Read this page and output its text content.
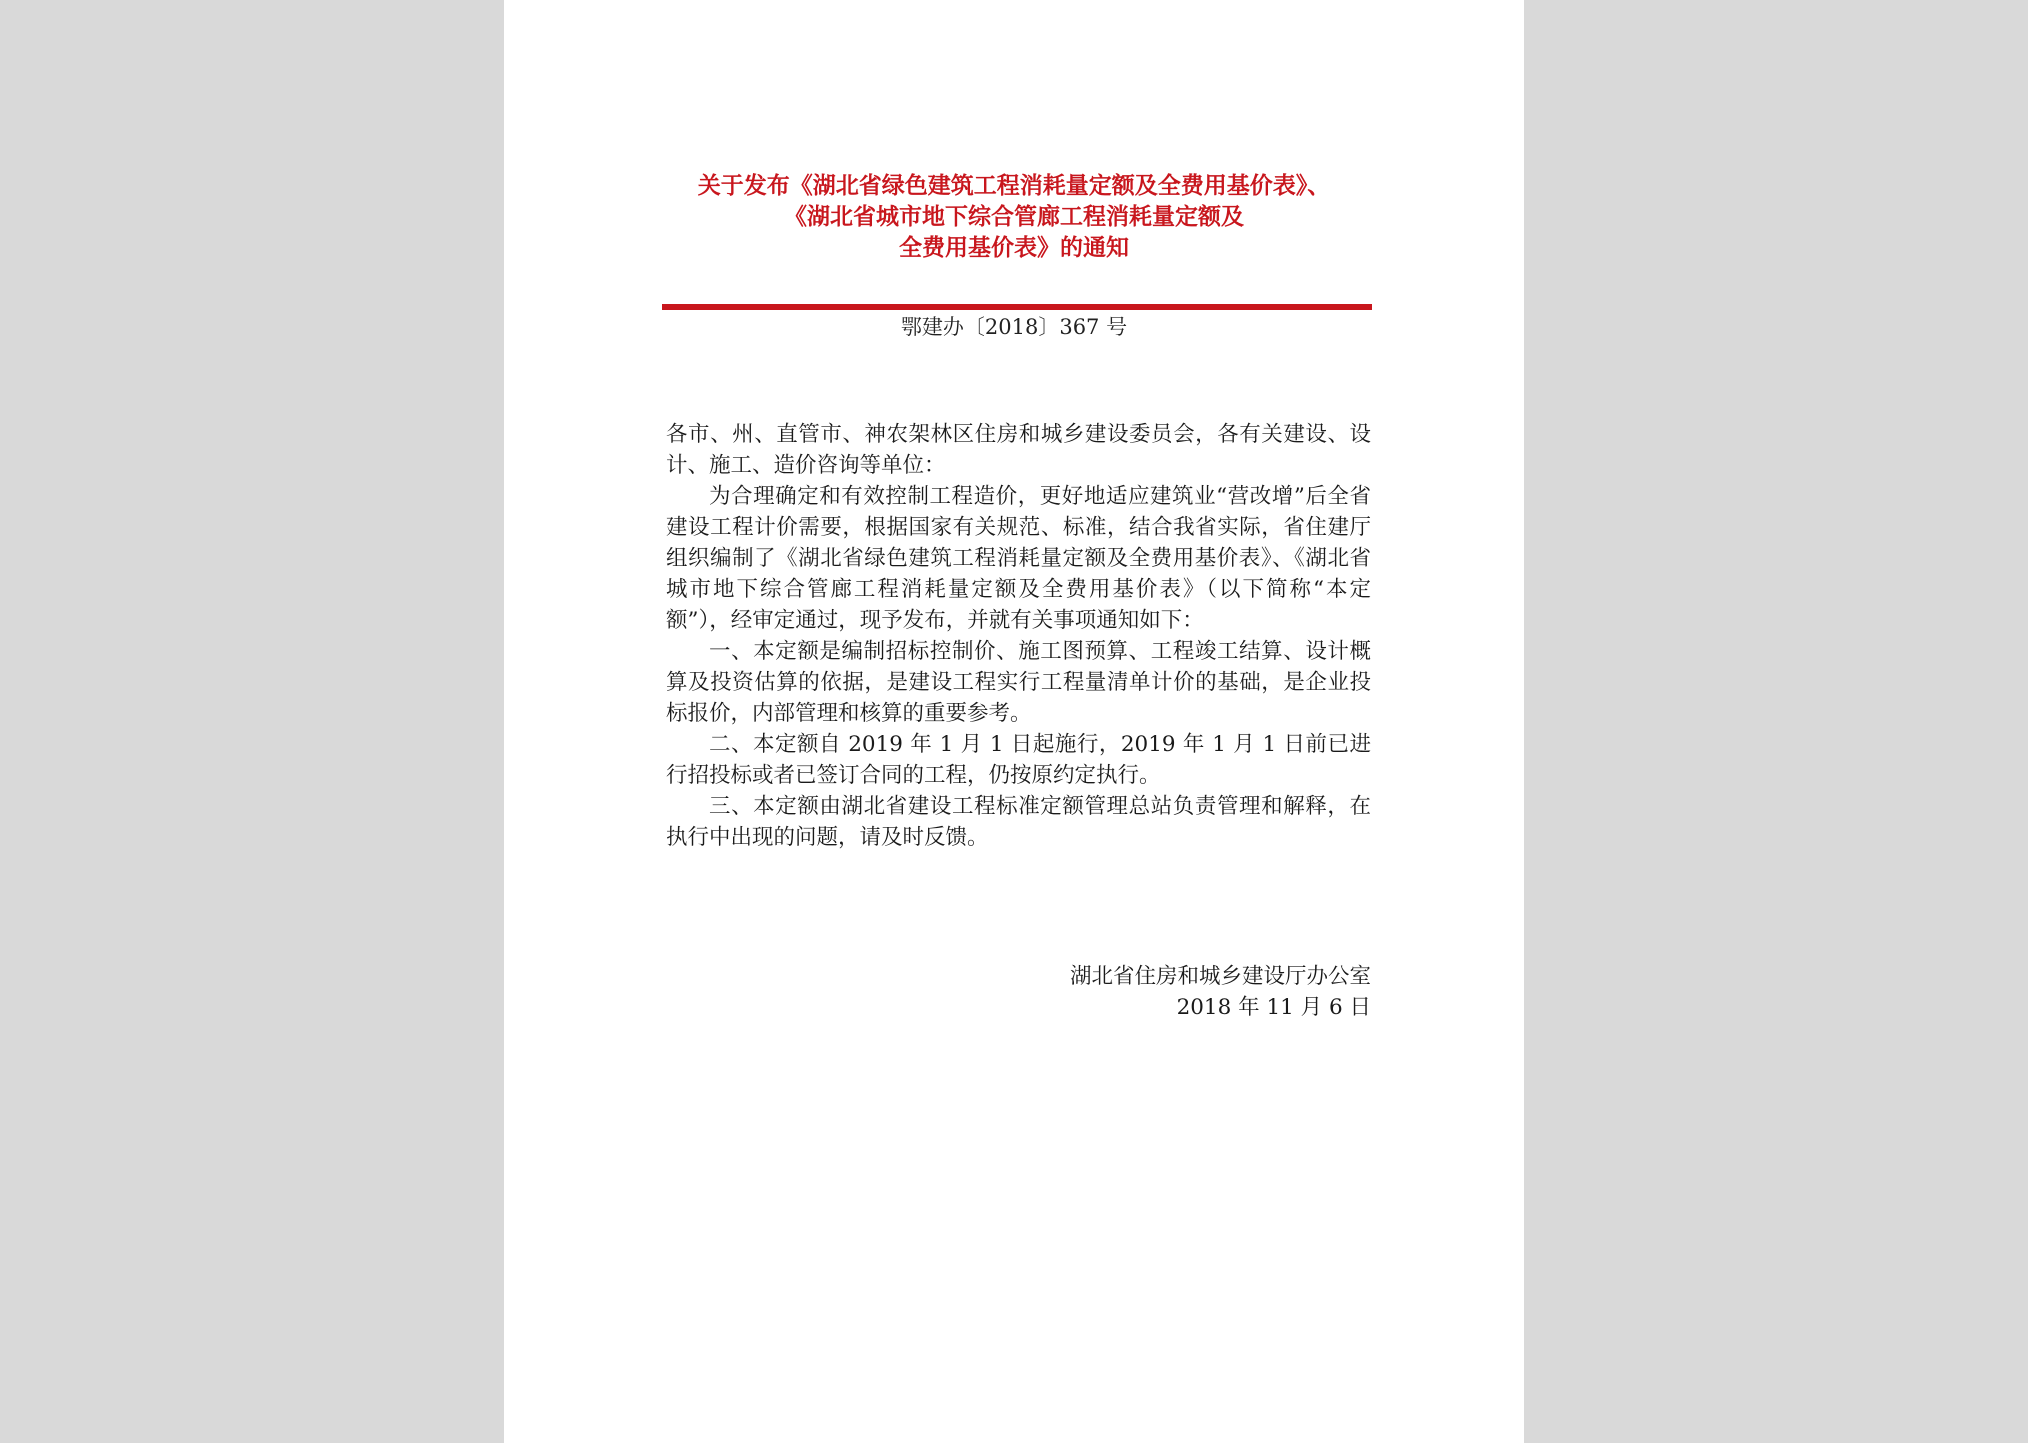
关于发布《湖北省绿色建筑工程消耗量定额及全费用基价表》、
《湖北省城市地下综合管廊工程消耗量定额及
全费用基价表》的通知
鄂建办〔2018〕367 号

各市、州、直管市、神农架林区住房和城乡建设委员会，各有关建设、设计、施工、造价咨询等单位：

为合理确定和有效控制工程造价，更好地适应建筑业“营改增”后全省建设工程计价需要，根据国家有关规范、标准，结合我省实际，省住建厅组织编制了《湖北省绿色建筑工程消耗量定额及全费用基价表》、《湖北省城市地下综合管廊工程消耗量定额及全费用基价表》（以下简称“本定额”），经审定通过，现予发布，并就有关事项通知如下：

一、本定额是编制招标控制价、施工图预算、工程竣工结算、设计概算及投资估算的依据，是建设工程实行工程量清单计价的基础，是企业投标报价，内部管理和核算的重要参考。

二、本定额自 2019 年 1 月 1 日起施行，2019 年 1 月 1 日前已进行招投标或者已签订合同的工程，仍按原约定执行。

三、本定额由湖北省建设工程标准定额管理总站负责管理和解释，在执行中出现的问题，请及时反馈。

湖北省住房和城乡建设厅办公室
2018 年 11 月 6 日
